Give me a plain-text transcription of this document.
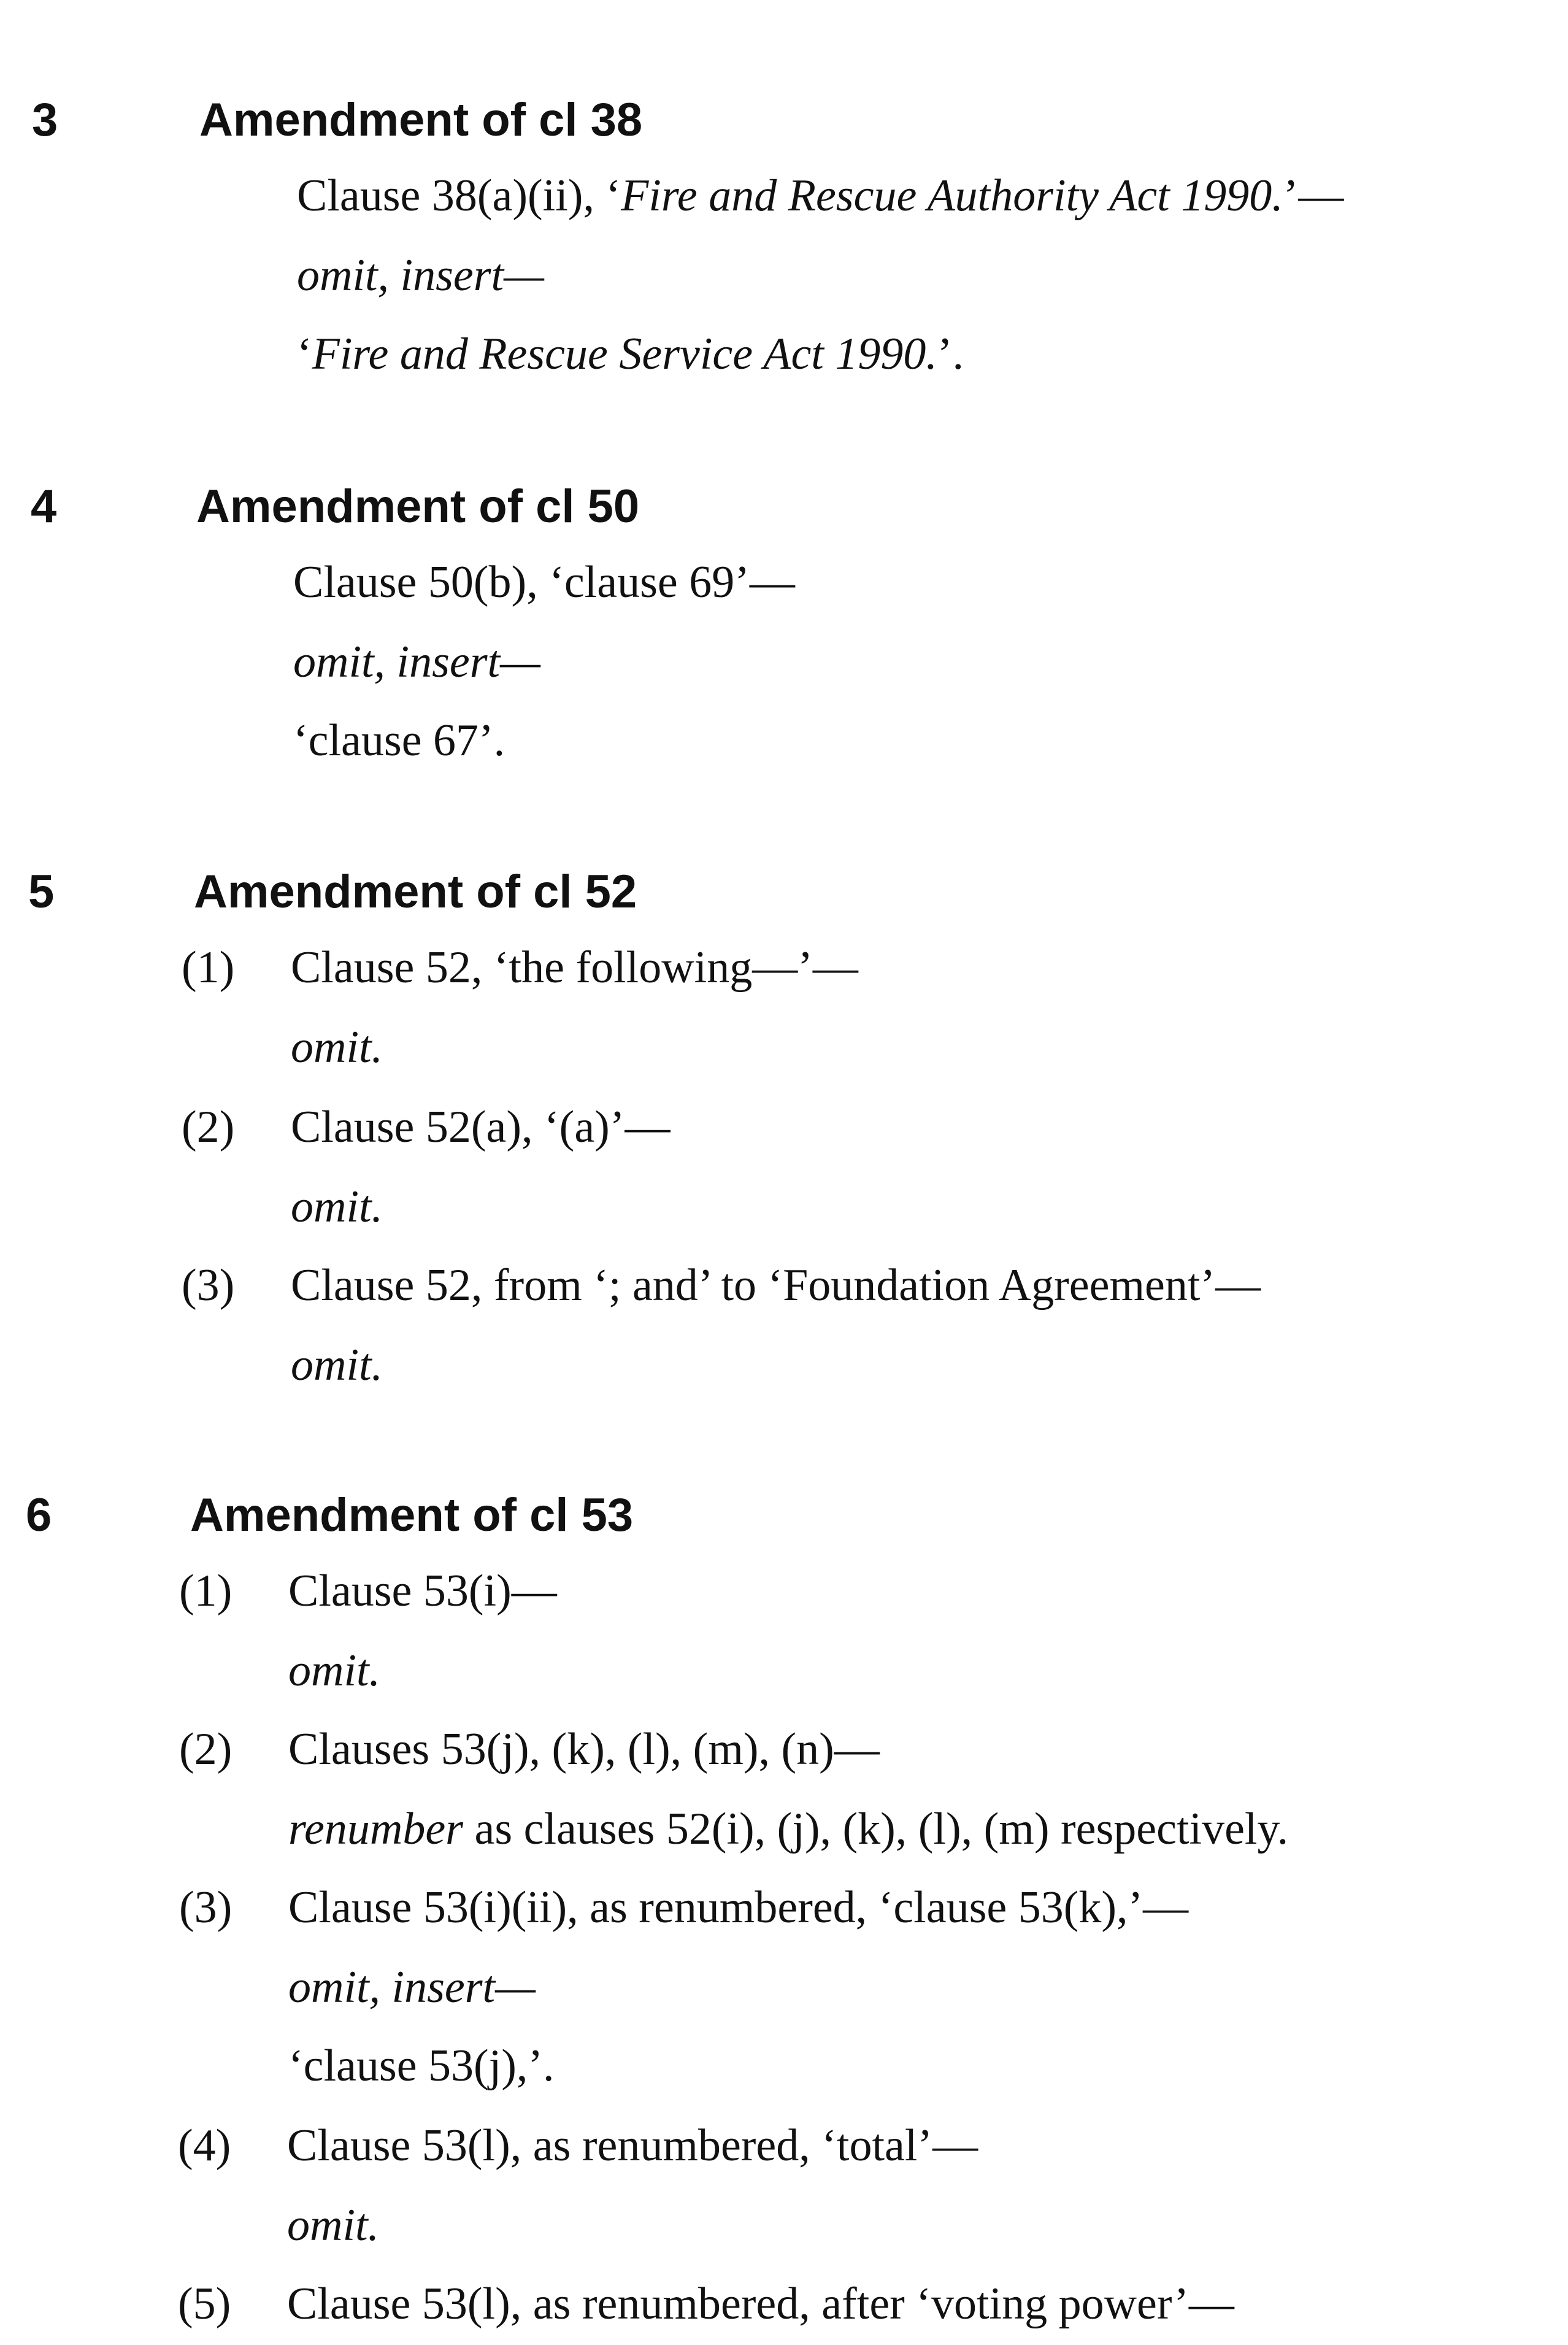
3	Amendment of cl 38
Clause 38(a)(ii), ‘Fire and Rescue Authority Act 1990.’—
omit, insert—
‘Fire and Rescue Service Act 1990.’.
4	Amendment of cl 50
Clause 50(b), ‘clause 69’—
omit, insert—
‘clause 67’.
5	Amendment of cl 52
(1) Clause 52, ‘the following—’—
omit.
(2) Clause 52(a), ‘(a)’—
omit.
(3) Clause 52, from ‘; and’ to ‘Foundation Agreement’—
omit.
6	Amendment of cl 53
(1) Clause 53(i)—
omit.
(2) Clauses 53(j), (k), (l), (m), (n)—
renumber as clauses 52(i), (j), (k), (l), (m) respectively.
(3) Clause 53(i)(ii), as renumbered, ‘clause 53(k),’—
omit, insert—
‘clause 53(j),’.
(4) Clause 53(l), as renumbered, ‘total’—
omit.
(5) Clause 53(l), as renumbered, after ‘voting power’—
